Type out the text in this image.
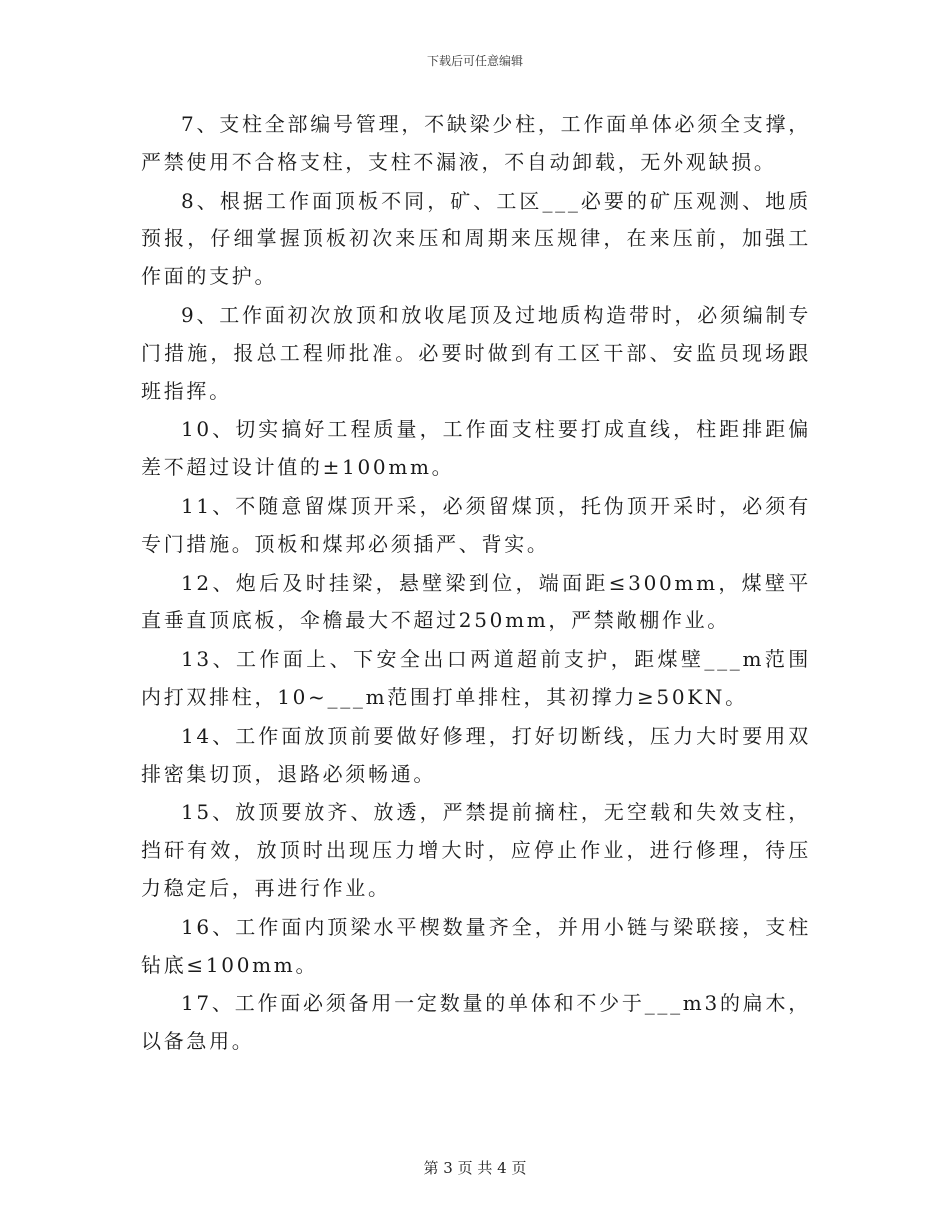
下载后可任意编辑

7、支柱全部编号管理，不缺梁少柱，工作面单体必须全支撑，严禁使用不合格支柱，支柱不漏液，不自动卸载，无外观缺损。

8、根据工作面顶板不同，矿、工区___必要的矿压观测、地质预报，仔细掌握顶板初次来压和周期来压规律，在来压前，加强工作面的支护。

9、工作面初次放顶和放收尾顶及过地质构造带时，必须编制专门措施，报总工程师批准。必要时做到有工区干部、安监员现场跟班指挥。

10、切实搞好工程质量，工作面支柱要打成直线，柱距排距偏差不超过设计值的±100mm。

11、不随意留煤顶开采，必须留煤顶，托伪顶开采时，必须有专门措施。顶板和煤邦必须插严、背实。

12、炮后及时挂梁，悬壁梁到位，端面距≤300mm，煤壁平直垂直顶底板，伞檐最大不超过250mm，严禁敞棚作业。

13、工作面上、下安全出口两道超前支护，距煤壁___m范围内打双排柱，10~___m范围打单排柱，其初撑力≥50KN。

14、工作面放顶前要做好修理，打好切断线，压力大时要用双排密集切顶，退路必须畅通。

15、放顶要放齐、放透，严禁提前摘柱，无空载和失效支柱，挡矸有效，放顶时出现压力增大时，应停止作业，进行修理，待压力稳定后，再进行作业。

16、工作面内顶梁水平楔数量齐全，并用小链与梁联接，支柱钻底≤100mm。

17、工作面必须备用一定数量的单体和不少于___m3的扁木，以备急用。

第 3 页 共 4 页
